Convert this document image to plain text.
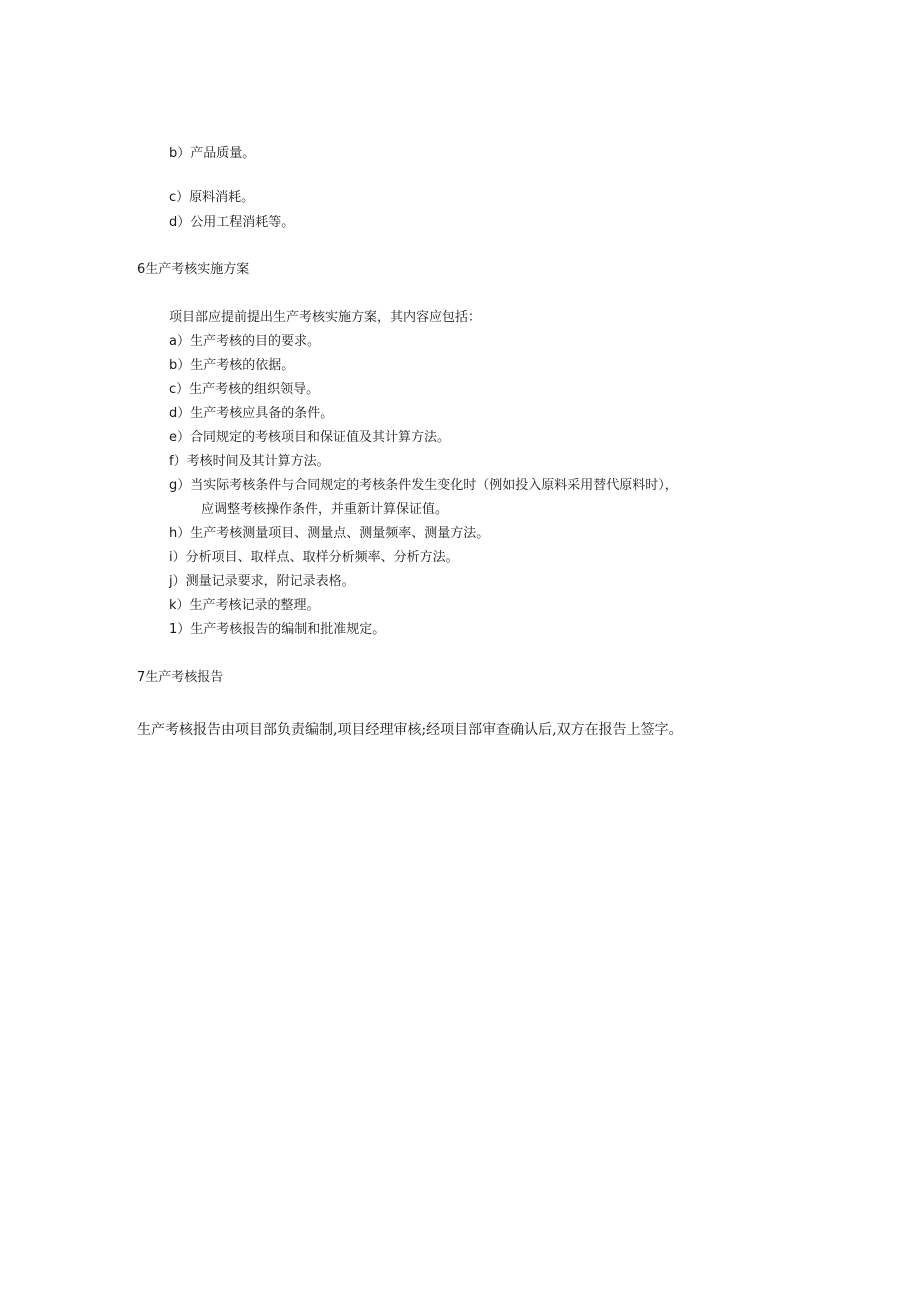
b）产品质量。

c）原料消耗。

d）公用工程消耗等。

6生产考核实施方案

项目部应提前提出生产考核实施方案，其内容应包括：

a）生产考核的目的要求。

b）生产考核的依据。

c）生产考核的组织领导。

d）生产考核应具备的条件。

e）合同规定的考核项目和保证值及其计算方法。

f）考核时间及其计算方法。

g）当实际考核条件与合同规定的考核条件发生变化时（例如投入原料采用替代原料时），

应调整考核操作条件，并重新计算保证值。

h）生产考核测量项目、测量点、测量频率、测量方法。

i）分析项目、取样点、取样分析频率、分析方法。

j）测量记录要求，附记录表格。

k）生产考核记录的整理。

1）生产考核报告的编制和批准规定。

7生产考核报告

生产考核报告由项目部负责编制,项目经理审核;经项目部审查确认后,双方在报告上签字。
